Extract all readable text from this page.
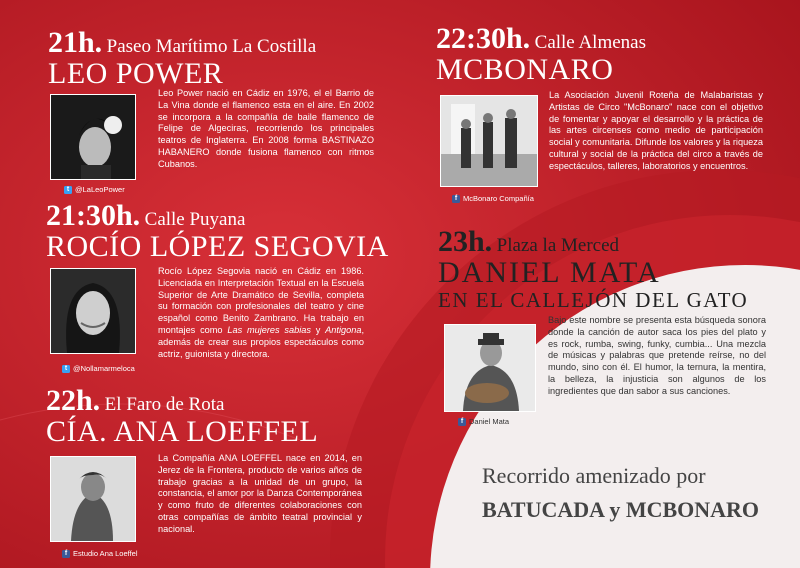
21h. Paseo Marítimo La Costilla
LEO POWER
t @LaLeoPower
Leo Power nació en Cádiz en 1976, el el Barrio de La Vina donde el flamenco esta en el aire. En 2002 se incorpora a la compañía de baile flamenco de Felipe de Algeciras, recorriendo los principales teatros de Inglaterra. En 2008 forma BASTINAZO HABANERO donde fusiona flamenco con ritmos Cubanos.
21:30h. Calle Puyana
ROCÍO LÓPEZ SEGOVIA
t @Nollamarmeloca
Rocío López Segovia nació en Cádiz en 1986. Licenciada en Interpretación Textual en la Escuela Superior de Arte Dramático de Sevilla, completa su formación con profesionales del teatro y cine español como Benito Zambrano. Ha trabajo en montajes como Las mujeres sabias y Antigona, además de crear sus propios espectáculos como actriz, guionista y directora.
22h. El Faro de Rota
CÍA. ANA LOEFFEL
f Estudio Ana Loeffel
La Compañía ANA LOEFFEL nace en 2014, en Jerez de la Frontera, producto de varios años de trabajo gracias a la unidad de un grupo, la constancia, el amor por la Danza Contemporánea y como fruto de diferentes colaboraciones con otras compañías de ámbito teatral provincial y nacional.
22:30h. Calle Almenas
MCBONARO
f McBonaro Compañía
La Asociación Juvenil Roteña de Malabaristas y Artistas de Circo "McBonaro" nace con el objetivo de fomentar y apoyar el desarrollo y la práctica de las artes circenses como medio de participación social y comunitaria. Difunde los valores y la riqueza cultural y social de la práctica del circo a través de espectáculos, talleres, laboratorios y encuentros.
23h. Plaza la Merced
DANIEL MATA
EN EL CALLEJÓN DEL GATO
f Daniel Mata
Bajo este nombre se presenta esta búsqueda sonora donde la canción de autor saca los pies del plato y es rock, rumba, swing, funky, cumbia... Una mezcla de músicas y palabras que pretende reírse, no del mundo, sino con él. El humor, la ternura, la mentira, la belleza, la injusticia son algunos de los ingredientes que dan sabor a sus canciones.
Recorrido amenizado por
BATUCADA y MCBONARO
